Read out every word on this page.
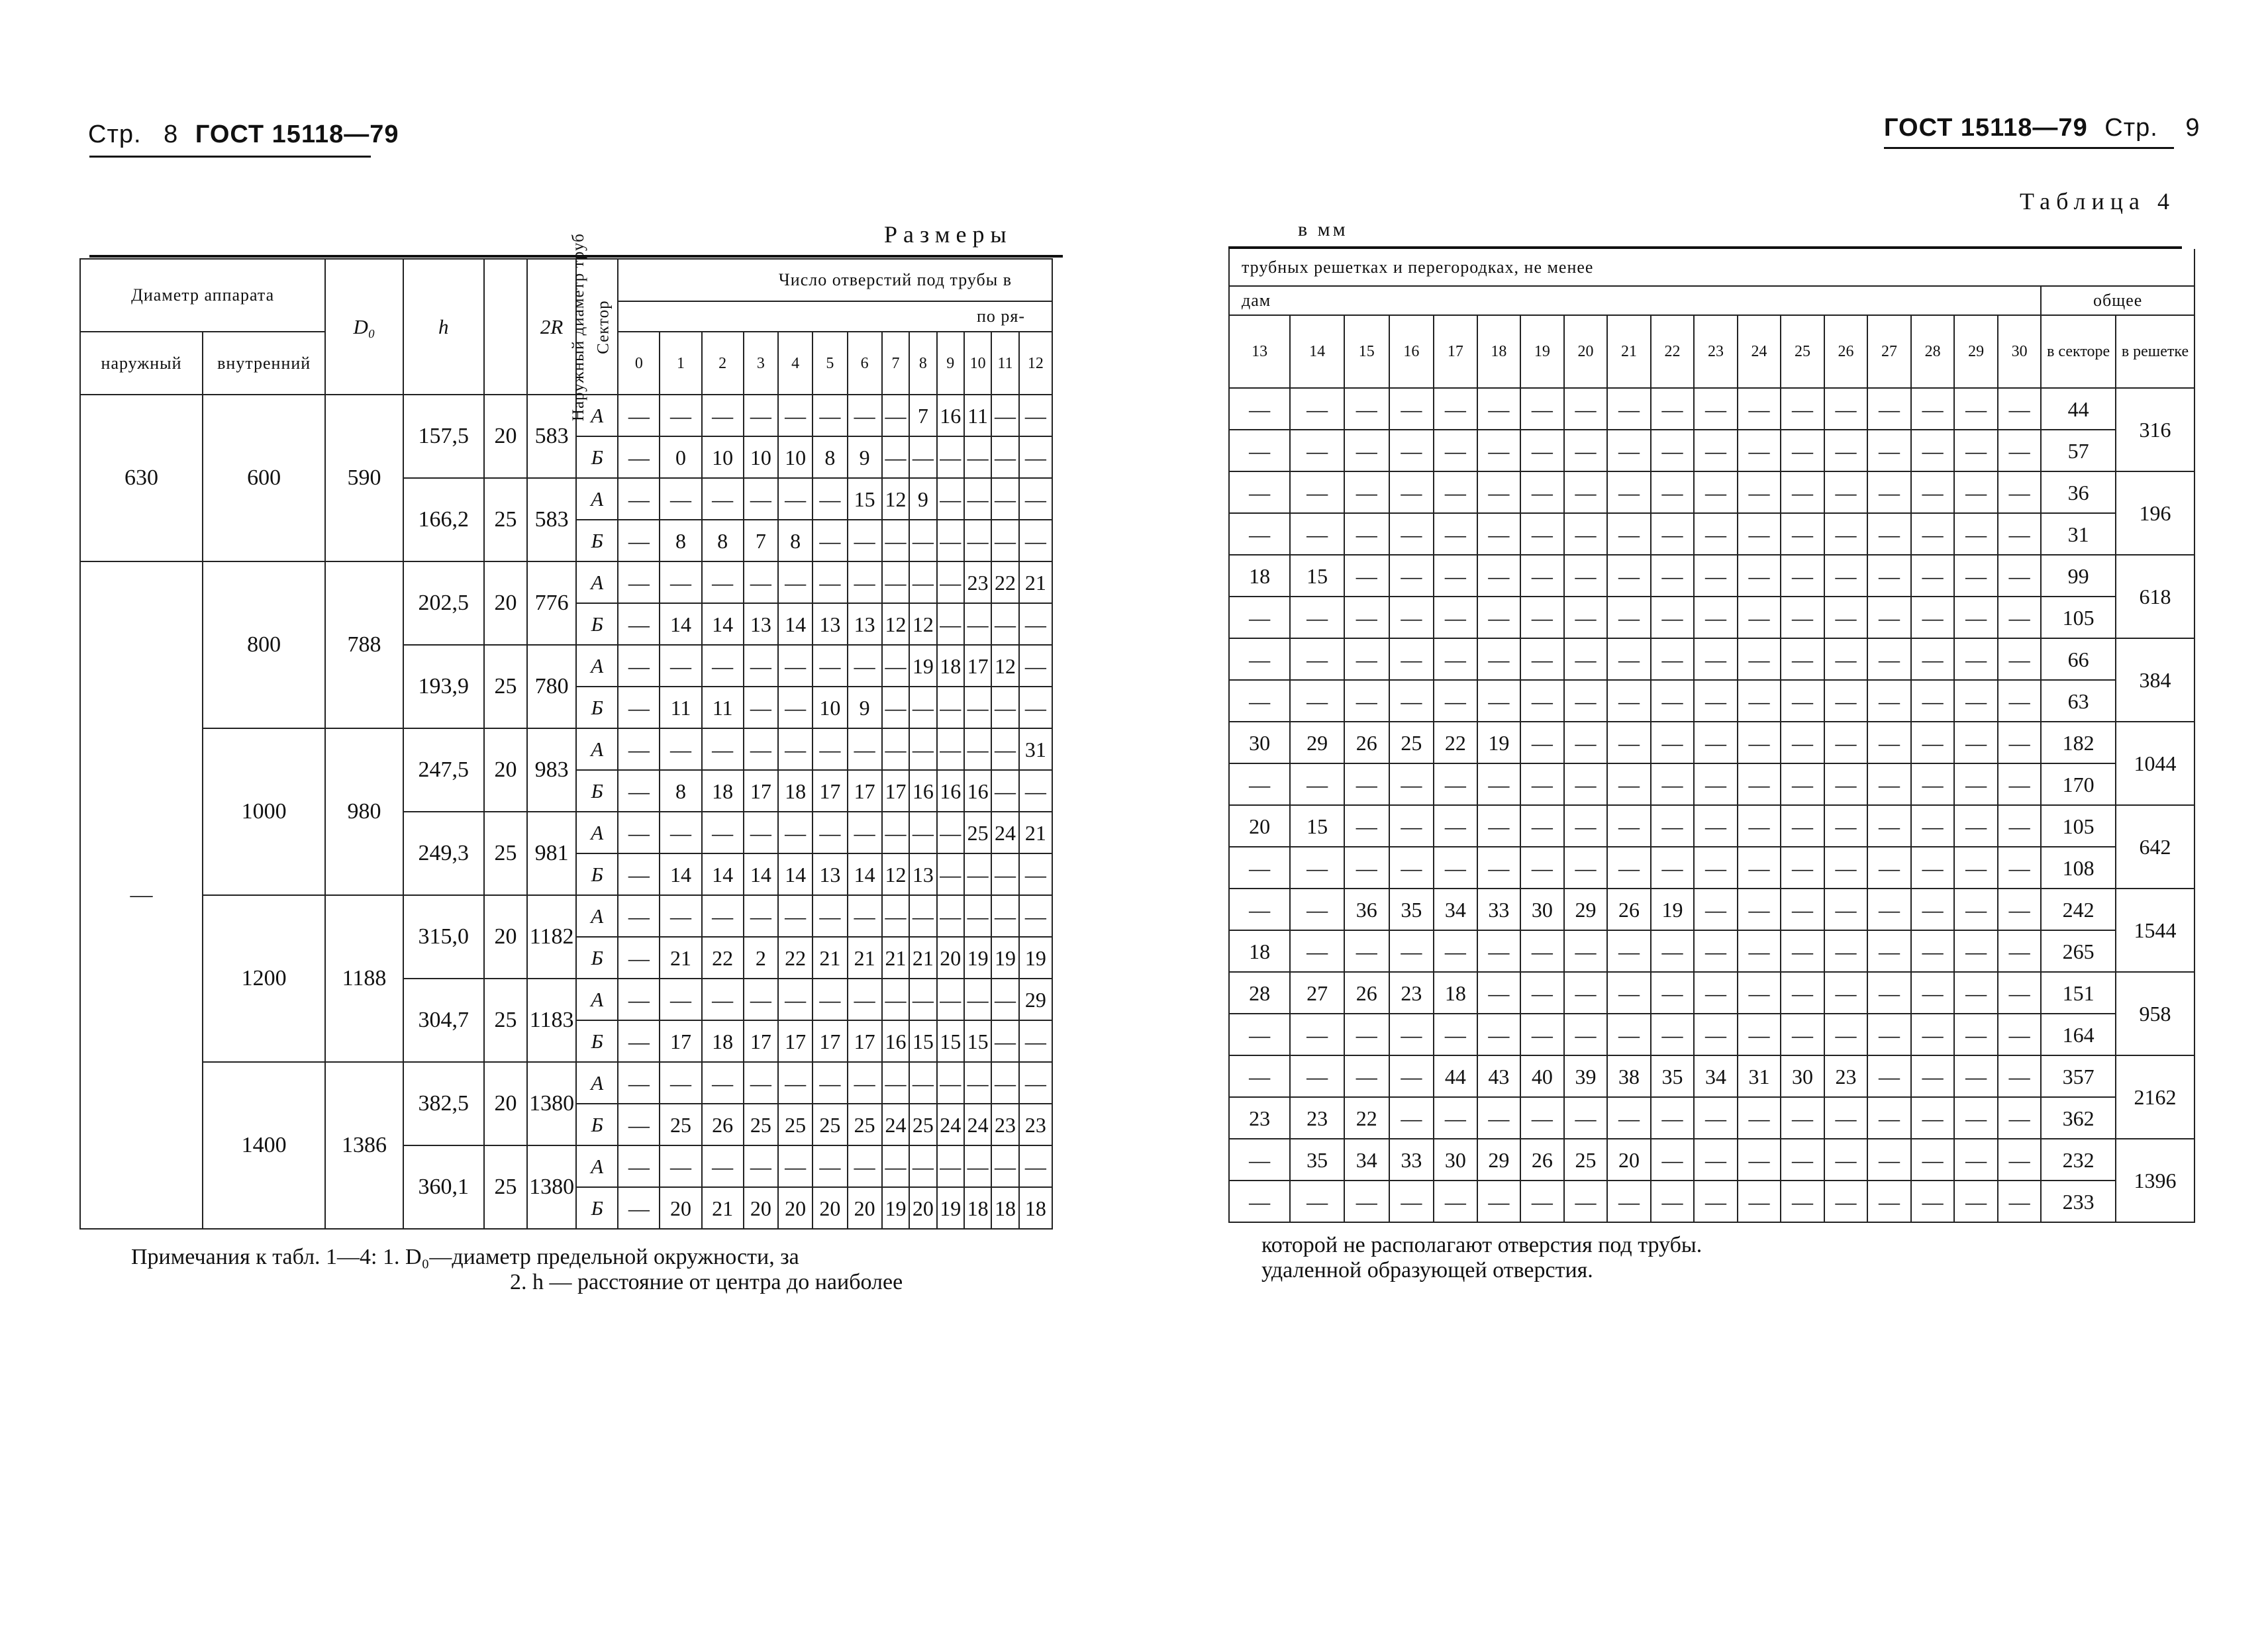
Стр. 8 ГОСТ 15118—79
Размеры
Диаметр аппарата		D₀	h	Наружный диаметр труб	2R	Сектор	Число отверстий под трубы в												
							по ря-												
наружный	внутренний						0	1	2	3	4	5	6	7	8	9	10	11	12
630	600	590	157,5	20	583	А	—	—	—	—	—	—	—	—	7	16	11	—	—
						Б	—	0	10	10	10	8	9	—	—	—	—	—	—
			166,2	25	583	А	—	—	—	—	—	—	15	12	9	—	—	—	—
						Б	—	8	8	7	8	—	—	—	—	—	—	—	—
—	800	788	202,5	20	776	А	—	—	—	—	—	—	—	—	—	—	23	22	21
						Б	—	14	14	13	14	13	13	12	12	—	—	—	—
			193,9	25	780	А	—	—	—	—	—	—	—	—	19	18	17	12	—
						Б	—	11	11	—	—	10	9	—	—	—	—	—	—
	1000	980	247,5	20	983	А	—	—	—	—	—	—	—	—	—	—	—	—	31
						Б	—	8	18	17	18	17	17	17	16	16	16	—	—
			249,3	25	981	А	—	—	—	—	—	—	—	—	—	—	25	24	21
						Б	—	14	14	14	14	13	14	12	13	—	—	—	—
	1200	1188	315,0	20	1182	А	—	—	—	—	—	—	—	—	—	—	—	—	—
						Б	—	21	22	2	22	21	21	21	21	20	19	19	19
			304,7	25	1183	А	—	—	—	—	—	—	—	—	—	—	—	—	29
						Б	—	17	18	17	17	17	17	16	15	15	15	—	—
	1400	1386	382,5	20	1380	А	—	—	—	—	—	—	—	—	—	—	—	—	—
						Б	—	25	26	25	25	25	25	24	25	24	24	23	23
			360,1	25	1380	А	—	—	—	—	—	—	—	—	—	—	—	—	—
						Б	—	20	21	20	20	20	20	19	20	19	18	18	18
Примечания к табл. 1—4: 1. D₀—диаметр предельной окружности, за
2. h — расстояние от центра до наиболее
ГОСТ 15118—79 Стр. 9
Таблица 4
в мм
трубных решетках и перегородках, не менее																			
дам																		общее	
13	14	15	16	17	18	19	20	21	22	23	24	25	26	27	28	29	30	в секторе	в решетке
—	—	—	—	—	—	—	—	—	—	—	—	—	—	—	—	—	—	44	316
—	—	—	—	—	—	—	—	—	—	—	—	—	—	—	—	—	—	57	
—	—	—	—	—	—	—	—	—	—	—	—	—	—	—	—	—	—	36	196
—	—	—	—	—	—	—	—	—	—	—	—	—	—	—	—	—	—	31	
18	15	—	—	—	—	—	—	—	—	—	—	—	—	—	—	—	—	99	618
—	—	—	—	—	—	—	—	—	—	—	—	—	—	—	—	—	—	105	
—	—	—	—	—	—	—	—	—	—	—	—	—	—	—	—	—	—	66	384
—	—	—	—	—	—	—	—	—	—	—	—	—	—	—	—	—	—	63	
30	29	26	25	22	19	—	—	—	—	—	—	—	—	—	—	—	—	182	1044
—	—	—	—	—	—	—	—	—	—	—	—	—	—	—	—	—	—	170	
20	15	—	—	—	—	—	—	—	—	—	—	—	—	—	—	—	—	105	642
—	—	—	—	—	—	—	—	—	—	—	—	—	—	—	—	—	—	108	
—	—	36	35	34	33	30	29	26	19	—	—	—	—	—	—	—	—	242	1544
18	—	—	—	—	—	—	—	—	—	—	—	—	—	—	—	—	—	265	
28	27	26	23	18	—	—	—	—	—	—	—	—	—	—	—	—	—	151	958
—	—	—	—	—	—	—	—	—	—	—	—	—	—	—	—	—	—	164	
—	—	—	—	44	43	40	39	38	35	34	31	30	23	—	—	—	—	357	2162
23	23	22	—	—	—	—	—	—	—	—	—	—	—	—	—	—	—	362	
—	35	34	33	30	29	26	25	20	—	—	—	—	—	—	—	—	—	232	1396
—	—	—	—	—	—	—	—	—	—	—	—	—	—	—	—	—	—	233	
которой не располагают отверстия под трубы.
удаленной образующей отверстия.
